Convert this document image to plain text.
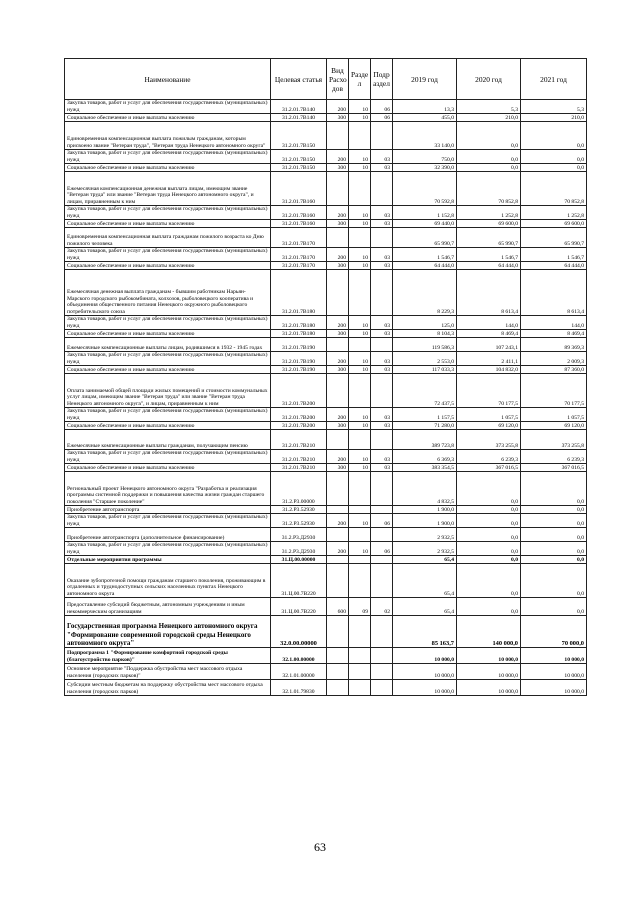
Наименование	Целевая статья	Вид Расхо дов	Разде л	Подр аздел	2019 год	2020 год	2021 год
Закупка товаров, работ и услуг для обеспечения государственных (муниципальных) нужд	31.2.01.7В140	200	10	06	13,3	5,3	5,3
Социальное обеспечение и иные выплаты населению	31.2.01.7В140	300	10	06	455,0	210,0	210,0
Единовременная компенсационная выплата пожилым гражданам, которым присвоено звание "Ветеран труда", "Ветеран труда Ненецкого автономного округа"	31.2.01.7В150				33 140,0	0,0	0,0
Закупка товаров, работ и услуг для обеспечения государственных (муниципальных) нужд	31.2.01.7В150	200	10	03	750,0	0,0	0,0
Социальное обеспечение и иные выплаты населению	31.2.01.7В150	300	10	03	32 390,0	0,0	0,0
Ежемесячная компенсационная денежная выплата лицам, имеющим звание "Ветеран труда" или звание "Ветеран труда Ненецкого автономного округа", и лицам, приравненным к ним	31.2.01.7В160				70 592,8	70 852,8	70 852,8
Закупка товаров, работ и услуг для обеспечения государственных (муниципальных) нужд	31.2.01.7В160	200	10	03	1 152,8	1 252,8	1 252,8
Социальное обеспечение и иные выплаты населению	31.2.01.7В160	300	10	03	69 440,0	69 600,0	69 600,0
Единовременная компенсационная выплата гражданам пожилого возраста ко Дню пожилого человека	31.2.01.7В170				65 990,7	65 990,7	65 990,7
Закупка товаров, работ и услуг для обеспечения государственных (муниципальных) нужд	31.2.01.7В170	200	10	03	1 546,7	1 546,7	1 546,7
Социальное обеспечение и иные выплаты населению	31.2.01.7В170	300	10	03	64 444,0	64 444,0	64 444,0
Ежемесячная денежная выплата гражданам - бывшим работникам Нарьян-Марского городского рыбокомбината, колхозов, рыболовецкого кооператива и объединения общественного питания Ненецкого окружного рыболовецкого потребительского союза	31.2.01.7В180				8 229,3	8 613,4	8 613,4
Закупка товаров, работ и услуг для обеспечения государственных (муниципальных) нужд	31.2.01.7В180	200	10	03	125,0	144,0	144,0
Социальное обеспечение и иные выплаты населению	31.2.01.7В180	300	10	03	8 104,3	8 469,4	8 469,4
Ежемесячные компенсационные выплаты лицам, родившимся в 1932 - 1945 годах	31.2.01.7В190				119 586,3	107 243,1	89 369,3
Закупка товаров, работ и услуг для обеспечения государственных (муниципальных) нужд	31.2.01.7В190	200	10	03	2 553,0	2 411,1	2 009,3
Социальное обеспечение и иные выплаты населению	31.2.01.7В190	300	10	03	117 033,3	104 832,0	87 360,0
Оплата занимаемой общей площади жилых помещений и стоимости коммунальных услуг лицам, имеющим звание "Ветеран труда" или звание "Ветеран труда Ненецкого автономного округа", и лицам, приравненным к ним	31.2.01.7В200				72 437,5	70 177,5	70 177,5
Закупка товаров, работ и услуг для обеспечения государственных (муниципальных) нужд	31.2.01.7В200	200	10	03	1 157,5	1 057,5	1 057,5
Социальное обеспечение и иные выплаты населению	31.2.01.7В200	300	10	03	71 280,0	69 120,0	69 120,0
Ежемесячные компенсационные выплаты гражданам, получающим пенсию	31.2.01.7В210				389 723,8	373 255,8	373 255,8
Закупка товаров, работ и услуг для обеспечения государственных (муниципальных) нужд	31.2.01.7В210	200	10	03	6 369,3	6 239,3	6 239,3
Социальное обеспечение и иные выплаты населению	31.2.01.7В210	300	10	03	383 354,5	367 016,5	367 016,5
Региональный проект Ненецкого автономного округа "Разработка и реализация программы системной поддержки и повышения качества жизни граждан старшего поколения "Старшее поколение"	31.2.Р3.00000				4 832,5	0,0	0,0
Приобретение автотранспорта	31.2.Р3.52930				1 900,0	0,0	0,0
Закупка товаров, работ и услуг для обеспечения государственных (муниципальных) нужд	31.2.Р3.52930	200	10	06	1 900,0	0,0	0,0
Приобретение автотранспорта (дополнительное финансирование)	31.2.Р3.Д2930				2 932,5	0,0	0,0
Закупка товаров, работ и услуг для обеспечения государственных (муниципальных) нужд	31.2.Р3.Д2930	200	10	06	2 932,5	0,0	0,0
Отдельные мероприятия программы	31.Ц.00.00000				65,4	0,0	0,0
Оказание зубопротезной помощи гражданам старшего поколения, проживающим в отдаленных и труднодоступных сельских населенных пунктах Ненецкого автономного округа	31.Ц.00.7В220				65,4	0,0	0,0
Предоставление субсидий бюджетным, автономным учреждениям и иным некоммерческим организациям	31.Ц.00.7В220	600	09	02	65,4	0,0	0,0
Государственная программа Ненецкого автономного округа "Формирование современной городской среды Ненецкого автономного округа"	32.0.00.00000				85 163,7	140 000,0	70 000,0
Подпрограмма 1 "Формирование комфортной городской среды (благоустройство парков)"	32.1.00.00000				10 000,0	10 000,0	10 000,0
Основное мероприятие "Поддержка обустройства мест массового отдыха населения (городских парков)"	32.1.01.00000				10 000,0	10 000,0	10 000,0
Субсидии местным бюджетам на поддержку обустройства мест массового отдыха населения (городских парков)	32.1.01.79830				10 000,0	10 000,0	10 000,0
63
